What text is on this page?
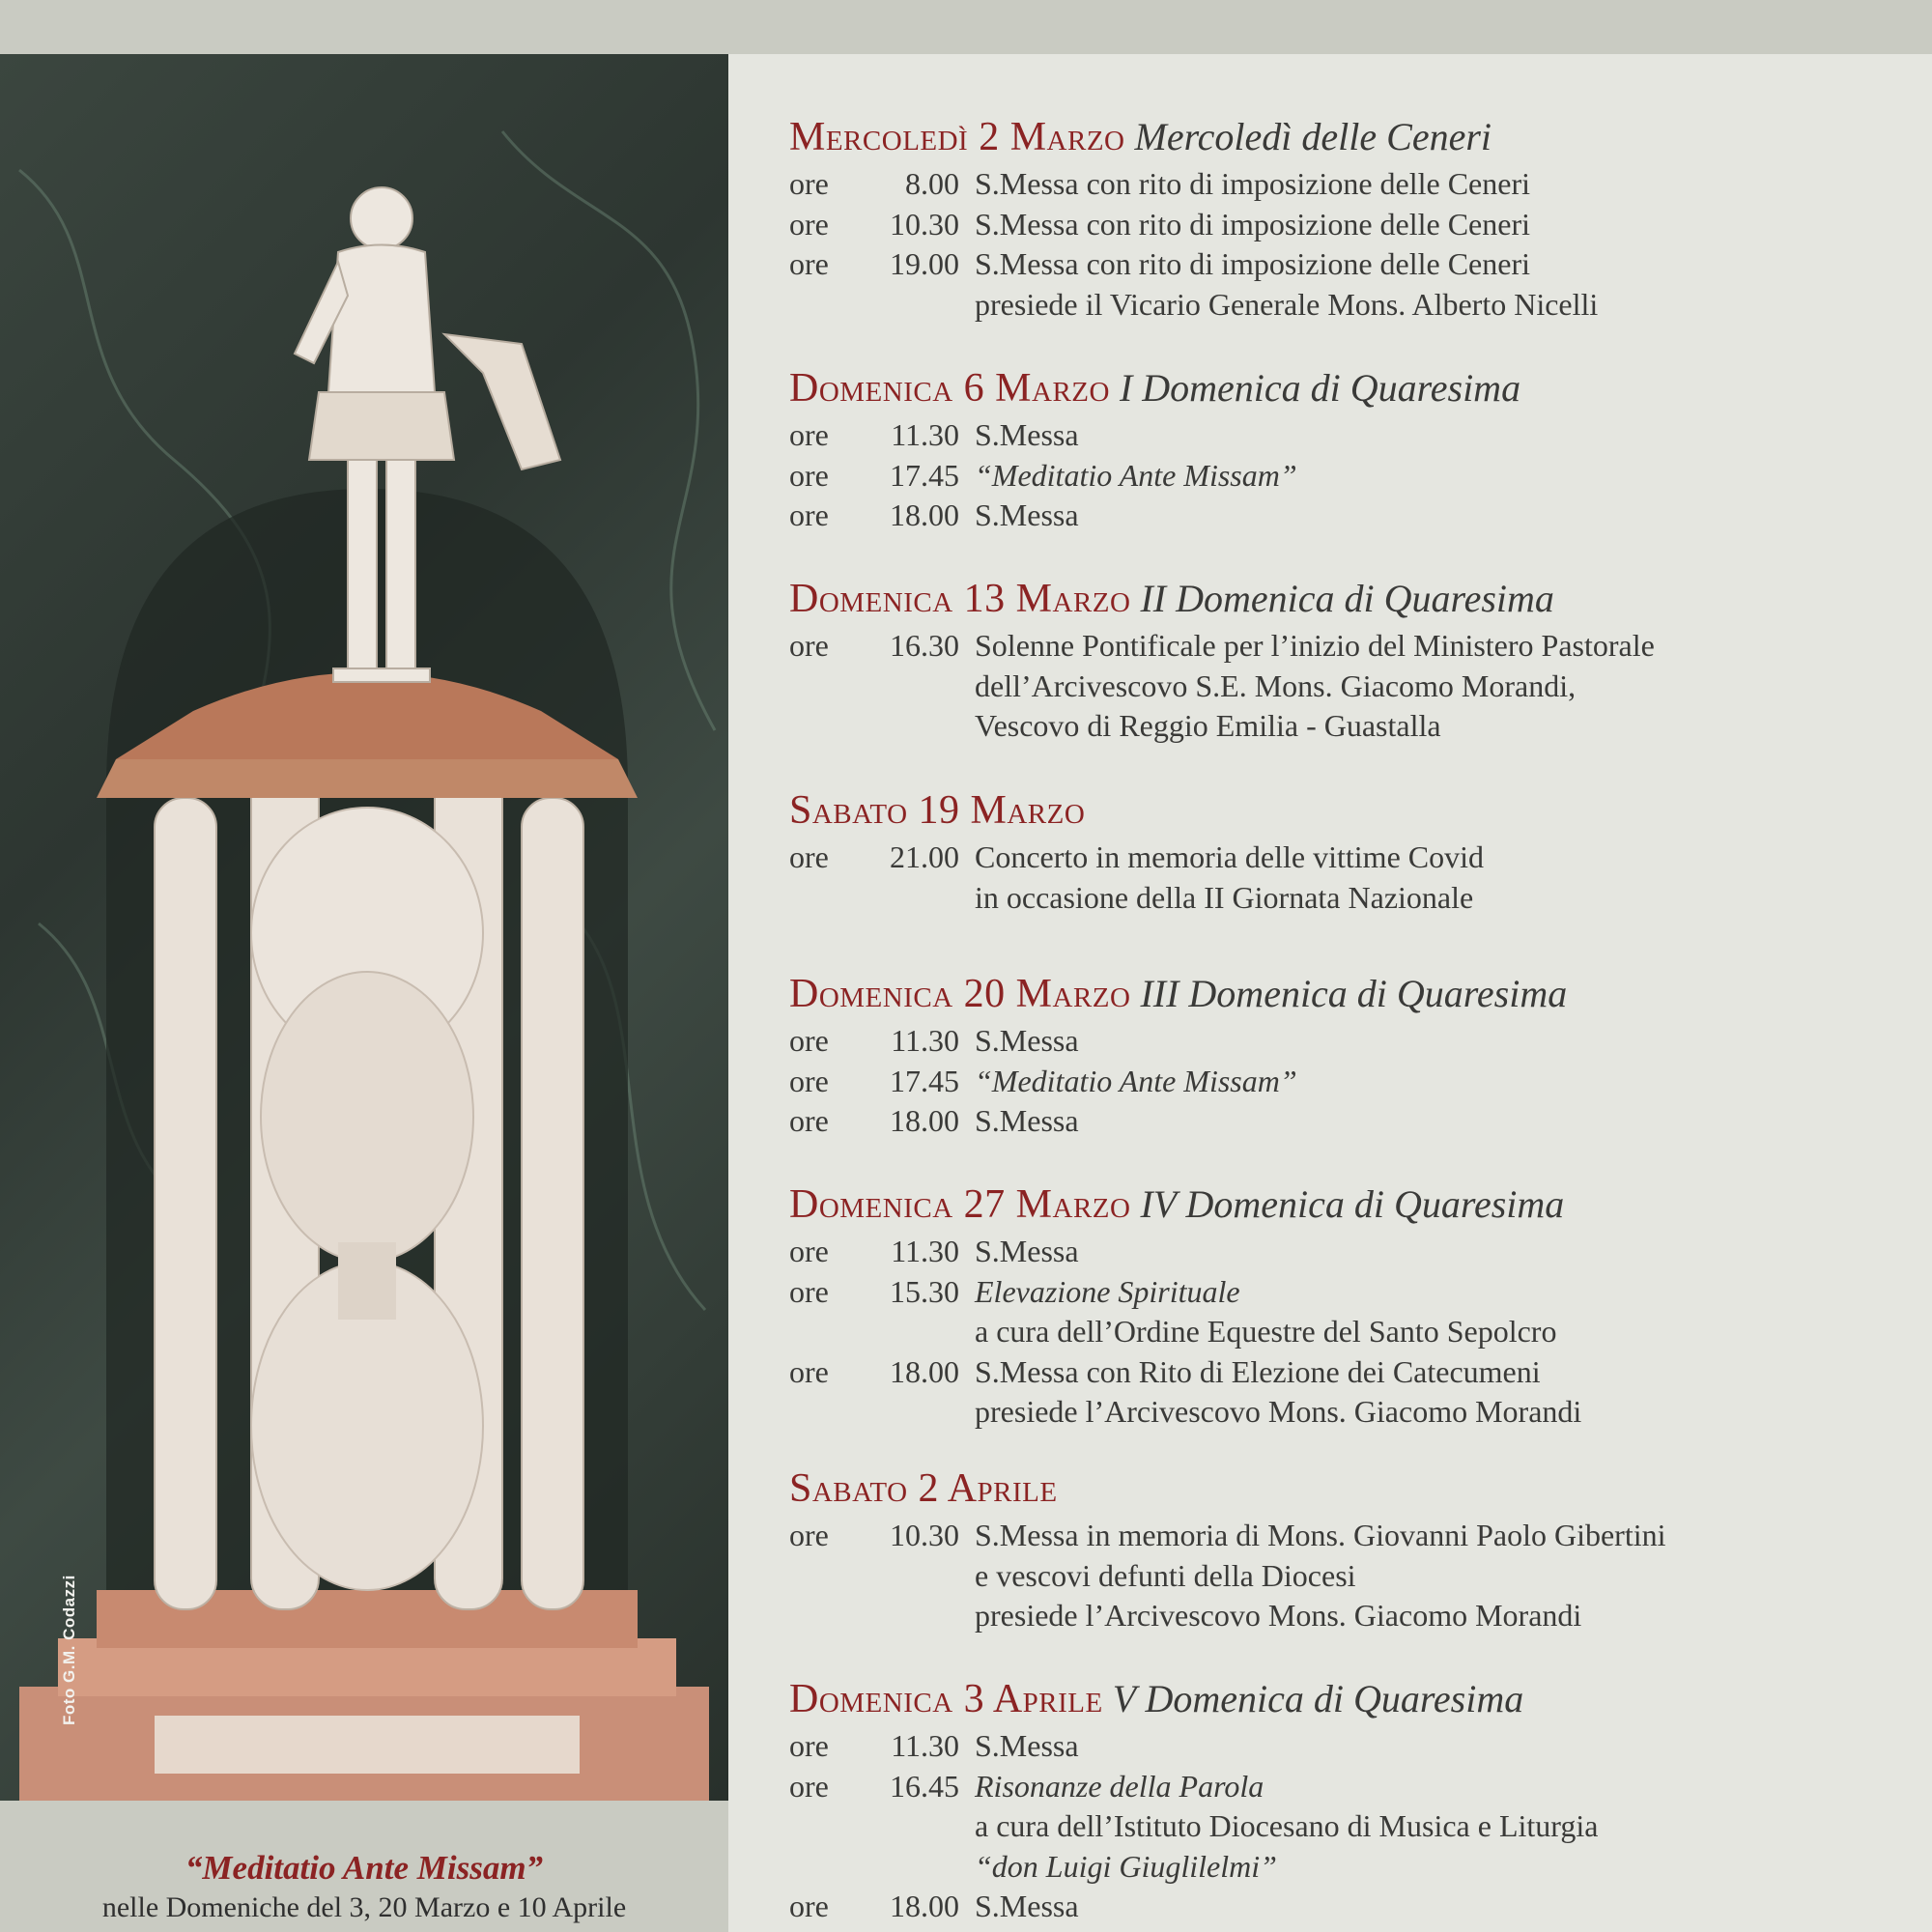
Foto G.M. Codazzi
“Meditatio Ante Missam”
nelle Domeniche del 3, 20 Marzo e 10 Aprile
Mercoledì 2 Marzo Mercoledì delle Ceneri
ore	8.00 S.Messa con rito di imposizione delle Ceneri
ore	10.30 S.Messa con rito di imposizione delle Ceneri
ore	19.00 S.Messa con rito di imposizione delle Ceneri
presiede il Vicario Generale Mons. Alberto Nicelli
Domenica 6 Marzo I Domenica di Quaresima
ore	11.30 S.Messa
ore	17.45 “Meditatio Ante Missam”
ore	18.00 S.Messa
Domenica 13 Marzo II Domenica di Quaresima
ore	16.30 Solenne Pontificale per l’inizio del Ministero Pastorale
dell’Arcivescovo S.E. Mons. Giacomo Morandi,
Vescovo di Reggio Emilia - Guastalla
Sabato 19 Marzo
ore	21.00 Concerto in memoria delle vittime Covid
in occasione della II Giornata Nazionale
Domenica 20 Marzo III Domenica di Quaresima
ore	11.30 S.Messa
ore	17.45 “Meditatio Ante Missam”
ore	18.00 S.Messa
Domenica 27 Marzo IV Domenica di Quaresima
ore	11.30 S.Messa
ore	15.30 Elevazione Spirituale
a cura dell’Ordine Equestre del Santo Sepolcro
ore	18.00 S.Messa con Rito di Elezione dei Catecumeni
presiede l’Arcivescovo Mons. Giacomo Morandi
Sabato 2 Aprile
ore	10.30 S.Messa in memoria di Mons. Giovanni Paolo Gibertini
e vescovi defunti della Diocesi
presiede l’Arcivescovo Mons. Giacomo Morandi
Domenica 3 Aprile V Domenica di Quaresima
ore	11.30 S.Messa
ore	16.45 Risonanze della Parola
a cura dell’Istituto Diocesano di Musica e Liturgia
“don Luigi Giuglilelmi”
ore	18.00 S.Messa
